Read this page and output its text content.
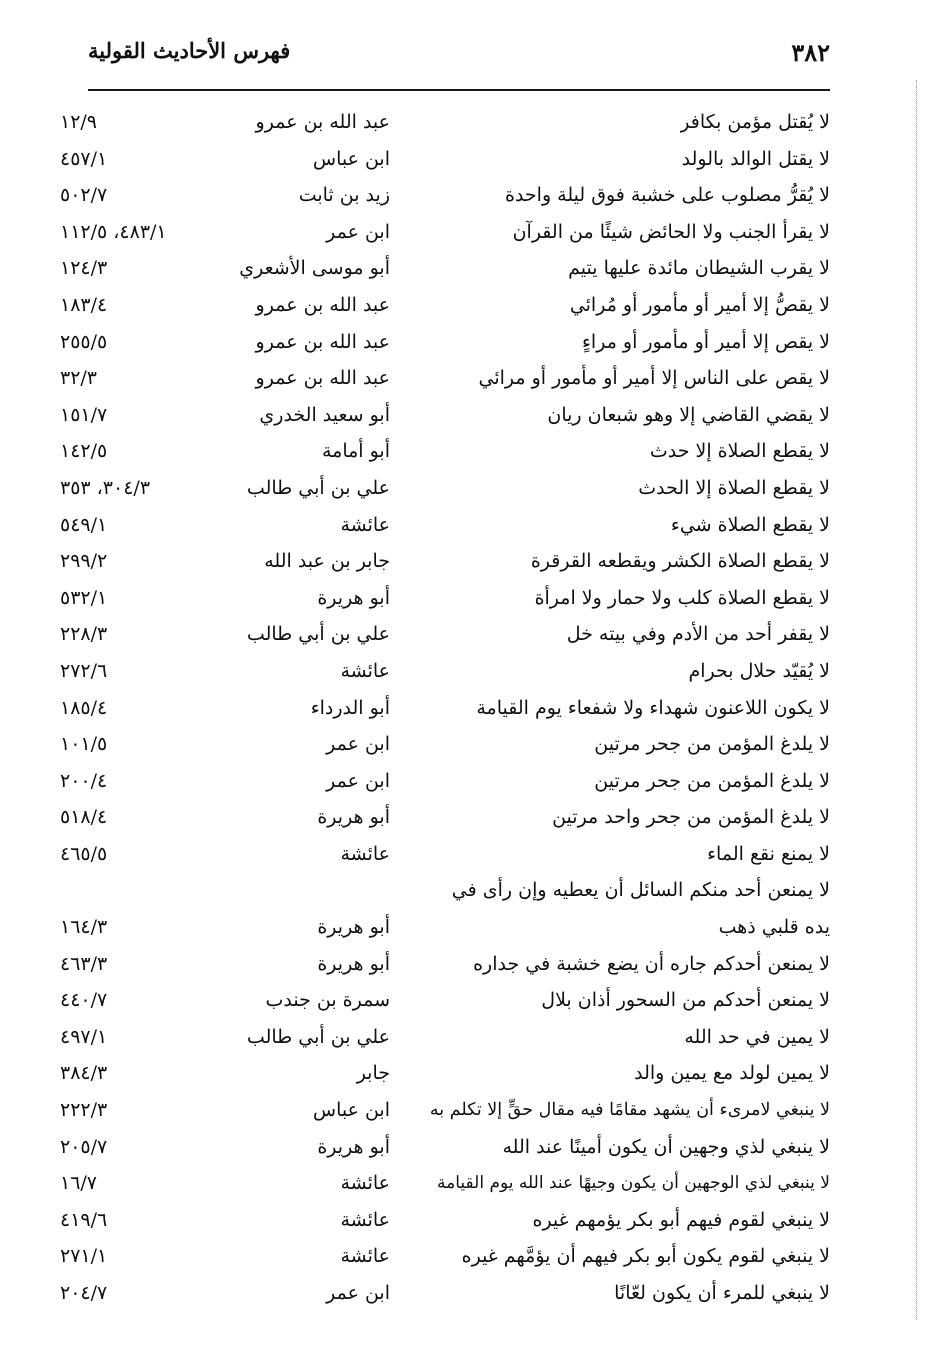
٣٨٢
فهرس الأحاديث القولية
لا يُقتل مؤمن بكافر
عبد الله بن عمرو
١٢/٩
لا يقتل الوالد بالولد
ابن عباس
٤٥٧/١
لا يُقرُّ مصلوب على خشبة فوق ليلة واحدة
زيد بن ثابت
٥٠٢/٧
لا يقرأ الجنب ولا الحائض شيئًا من القرآن
ابن عمر
٤٨٣/١، ١١٢/٥
لا يقرب الشيطان مائدة عليها يتيم
أبو موسى الأشعري
١٢٤/٣
لا يقصُّ إلا أمير أو مأمور أو مُرائي
عبد الله بن عمرو
١٨٣/٤
لا يقص إلا أمير أو مأمور أو مراءٍ
عبد الله بن عمرو
٢٥٥/٥
لا يقص على الناس إلا أمير أو مأمور أو مرائي
عبد الله بن عمرو
٣٢/٣
لا يقضي القاضي إلا وهو شبعان ريان
أبو سعيد الخدري
١٥١/٧
لا يقطع الصلاة إلا حدث
أبو أمامة
١٤٢/٥
لا يقطع الصلاة إلا الحدث
علي بن أبي طالب
٣٠٤/٣، ٣٥٣
لا يقطع الصلاة شيء
عائشة
٥٤٩/١
لا يقطع الصلاة الكشر ويقطعه القرقرة
جابر بن عبد الله
٢٩٩/٢
لا يقطع الصلاة كلب ولا حمار ولا امرأة
أبو هريرة
٥٣٢/١
لا يقفر أحد من الأدم وفي بيته خل
علي بن أبي طالب
٢٢٨/٣
لا يُقيّد حلال بحرام
عائشة
٢٧٢/٦
لا يكون اللاعنون شهداء ولا شفعاء يوم القيامة
أبو الدرداء
١٨٥/٤
لا يلدغ المؤمن من جحر مرتين
ابن عمر
١٠١/٥
لا يلدغ المؤمن من جحر مرتين
ابن عمر
٢٠٠/٤
لا يلدغ المؤمن من جحر واحد مرتين
أبو هريرة
٥١٨/٤
لا يمنع نقع الماء
عائشة
٤٦٥/٥
لا يمنعن أحد منكم السائل أن يعطيه وإن رأى في
يده قلبي ذهب
أبو هريرة
١٦٤/٣
لا يمنعن أحدكم جاره أن يضع خشبة في جداره
أبو هريرة
٤٦٣/٣
لا يمنعن أحدكم من السحور أذان بلال
سمرة بن جندب
٤٤٠/٧
لا يمين في حد الله
علي بن أبي طالب
٤٩٧/١
لا يمين لولد مع يمين والد
جابر
٣٨٤/٣
لا ينبغي لامرىء أن يشهد مقامًا فيه مقال حقٍّ إلا تكلم به
ابن عباس
٢٢٢/٣
لا ينبغي لذي وجهين أن يكون أمينًا عند الله
أبو هريرة
٢٠٥/٧
لا ينبغي لذي الوجهين أن يكون وجيهًا عند الله يوم القيامة
عائشة
١٦/٧
لا ينبغي لقوم فيهم أبو بكر يؤمهم غيره
عائشة
٤١٩/٦
لا ينبغي لقوم يكون أبو بكر فيهم أن يؤمَّهم غيره
عائشة
٢٧١/١
لا ينبغي للمرء أن يكون لعّانًا
ابن عمر
٢٠٤/٧
